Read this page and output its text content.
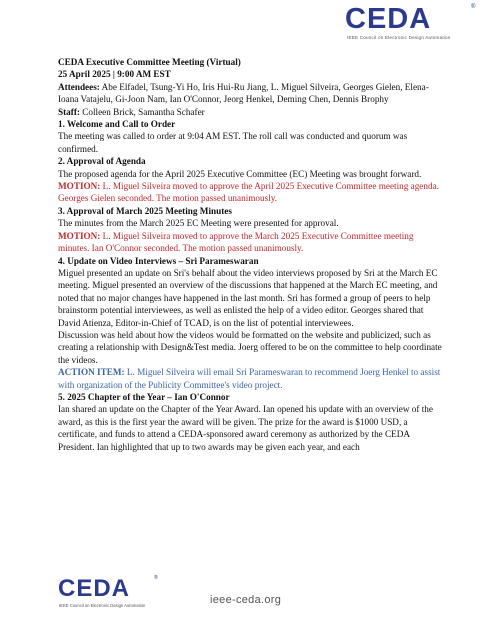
CEDA	®
IEEE Council on Electronic Design Automation

CEDA Executive Committee Meeting (Virtual)

25 April 2025 | 9:00 AM EST

Attendees: Abe Elfadel, Tsung-Yi Ho, Iris Hui-Ru Jiang, L. Miguel Silveira, Georges Gielen, Elena-Ioana Vatajelu, Gi-Joon Nam, Ian O'Connor, Jeorg Henkel, Deming Chen, Dennis Brophy

Staff: Colleen Brick, Samantha Schafer

1. Welcome and Call to Order

The meeting was called to order at 9:04 AM EST. The roll call was conducted and quorum was confirmed.

2. Approval of Agenda

The proposed agenda for the April 2025 Executive Committee (EC) Meeting was brought forward.

MOTION: L. Miguel Silveira moved to approve the April 2025 Executive Committee meeting agenda. Georges Gielen seconded. The motion passed unanimously.

3. Approval of March 2025 Meeting Minutes

The minutes from the March 2025 EC Meeting were presented for approval.

MOTION: L. Miguel Silveira moved to approve the March 2025 Executive Committee meeting minutes. Ian O'Connor seconded. The motion passed unanimously.

4. Update on Video Interviews – Sri Parameswaran

Miguel presented an update on Sri's behalf about the video interviews proposed by Sri at the March EC meeting. Miguel presented an overview of the discussions that happened at the March EC meeting, and noted that no major changes have happened in the last month. Sri has formed a group of peers to help brainstorm potential interviewees, as well as enlisted the help of a video editor. Georges shared that David Atienza, Editor-in-Chief of TCAD, is on the list of potential interviewees.

Discussion was held about how the videos would be formatted on the website and publicized, such as creating a relationship with Design&Test media. Joerg offered to be on the committee to help coordinate the videos.

ACTION ITEM: L. Miguel Silveira will email Sri Parameswaran to recommend Joerg Henkel to assist with organization of the Publicity Committee's video project.

5. 2025 Chapter of the Year – Ian O'Connor

Ian shared an update on the Chapter of the Year Award. Ian opened his update with an overview of the award, as this is the first year the award will be given. The prize for the award is $1000 USD, a certificate, and funds to attend a CEDA-sponsored award ceremony as authorized by the CEDA President. Ian highlighted that up to two awards may be given each year, and each

CEDA	®
IEEE Council on Electronic Design Automation	ieee-ceda.org
